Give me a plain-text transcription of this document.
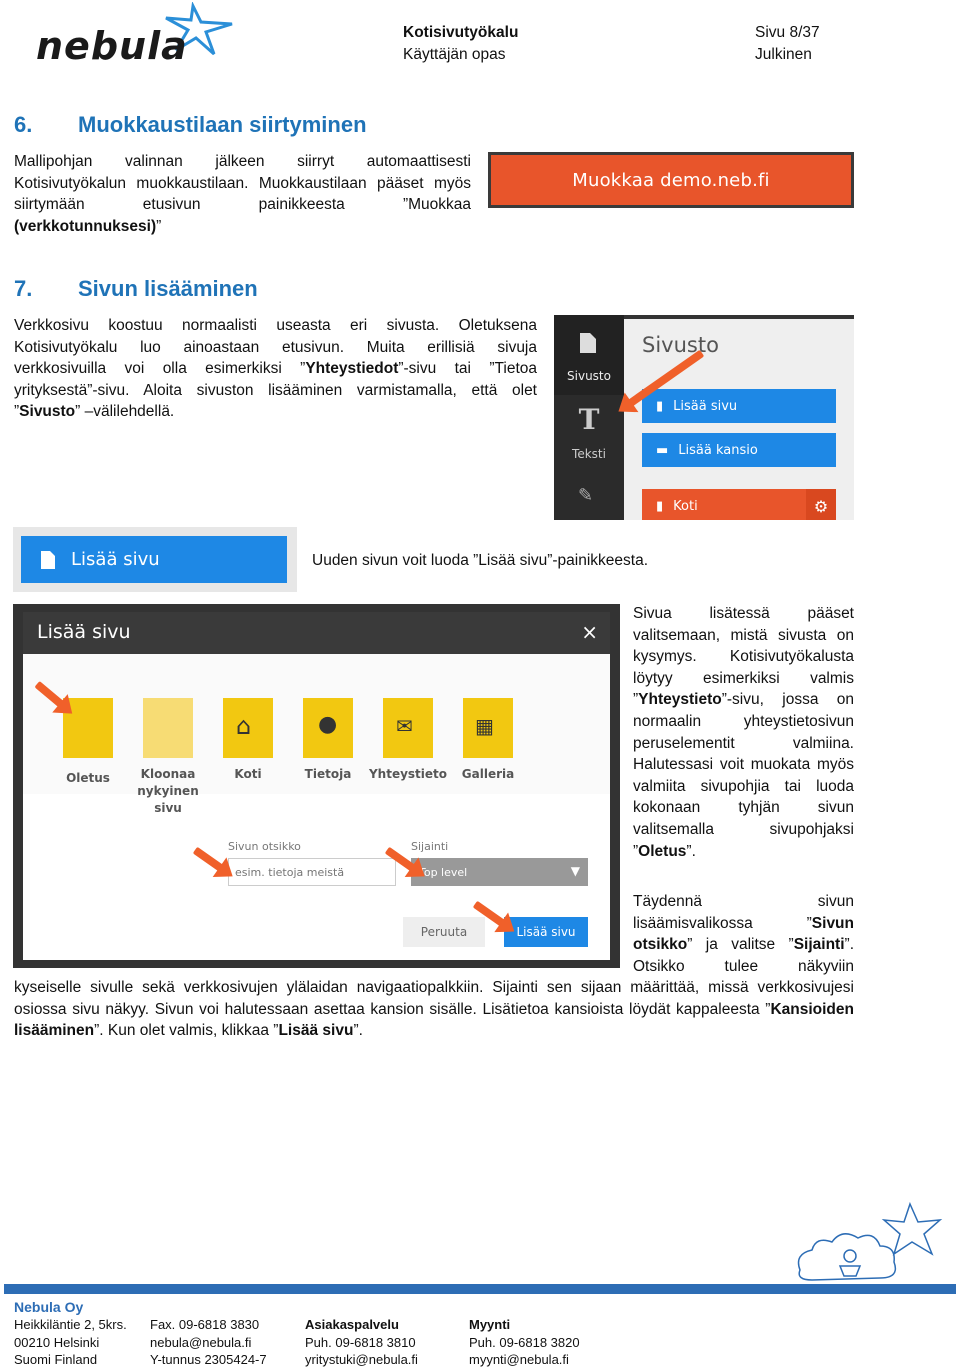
nebula	Kotisivutyökalu
Käyttäjän opas
Sivu 8/37
Julkinen
6. Muokkaustilaan siirtyminen
Mallipohjan valinnan jälkeen siirryt automaattisesti
Kotisivutyökalun muokkaustilaan. Muokkaustilaan pääset myös
siirtymään etusivun painikkeesta ”Muokkaa
(verkkotunnuksesi)”
Muokkaa demo.neb.fi
7. Sivun lisääminen
Verkkosivu koostuu normaalisti useasta eri sivusta. Oletuksena
Kotisivutyökalu luo ainoastaan etusivun. Muita erillisiä sivuja
verkkosivuilla voi olla esimerkiksi ”Yhteystiedot”-sivu tai ”Tietoa
yrityksestä”-sivu. Aloita sivuston lisääminen varmistamalla, että olet
”Sivusto” –välilehdellä.
Sivusto
T
Teksti
✎
Sivusto
▮ Lisää sivu
▬ Lisää kansio
▮ Koti	⚙
Lisää sivu	Uuden sivun voit luoda ”Lisää sivu”-painikkeesta.
Lisää sivu	×
Oletus	Kloonaa nykyinen sivu
⌂
Koti
●
Tietoja
✉
Yhteystieto
▦
Galleria
Sivun otsikko
esim. tietoja meistä	Sijainti
Top level	▼
Peruuta	Lisää sivu
Sivua lisätessä pääset
valitsemaan, mistä sivusta on
kysymys. Kotisivutyökalusta
löytyy esimerkiksi valmis
”Yhteystieto”-sivu, jossa on
normaalin yhteystietosivun
peruselementit valmiina.
Halutessasi voit muokata myös
valmiita sivupohjia tai luoda
kokonaan tyhjän sivun
valitsemalla sivupohjaksi
”Oletus”.
Täydennä sivun
lisäämisvalikossa ”Sivun
otsikko” ja valitse ”Sijainti”.
Otsikko tulee näkyviin
kyseiselle sivulle sekä verkkosivujen ylälaidan navigaatiopalkkiin. Sijainti sen sijaan määrittää, missä verkkosivujesi
osiossa sivu näkyy. Sivun voi halutessaan asettaa kansion sisälle. Lisätietoa kansioista löydät kappaleesta ”Kansioiden
lisääminen”. Kun olet valmis, klikkaa ”Lisää sivu”.
Nebula Oy
Heikkiläntie 2, 5krs.
00210 Helsinki
Suomi Finland
Fax. 09-6818 3830
nebula@nebula.fi
Y-tunnus 2305424-7
Asiakaspalvelu
Puh. 09-6818 3810
yritystuki@nebula.fi
Myynti
Puh. 09-6818 3820
myynti@nebula.fi
